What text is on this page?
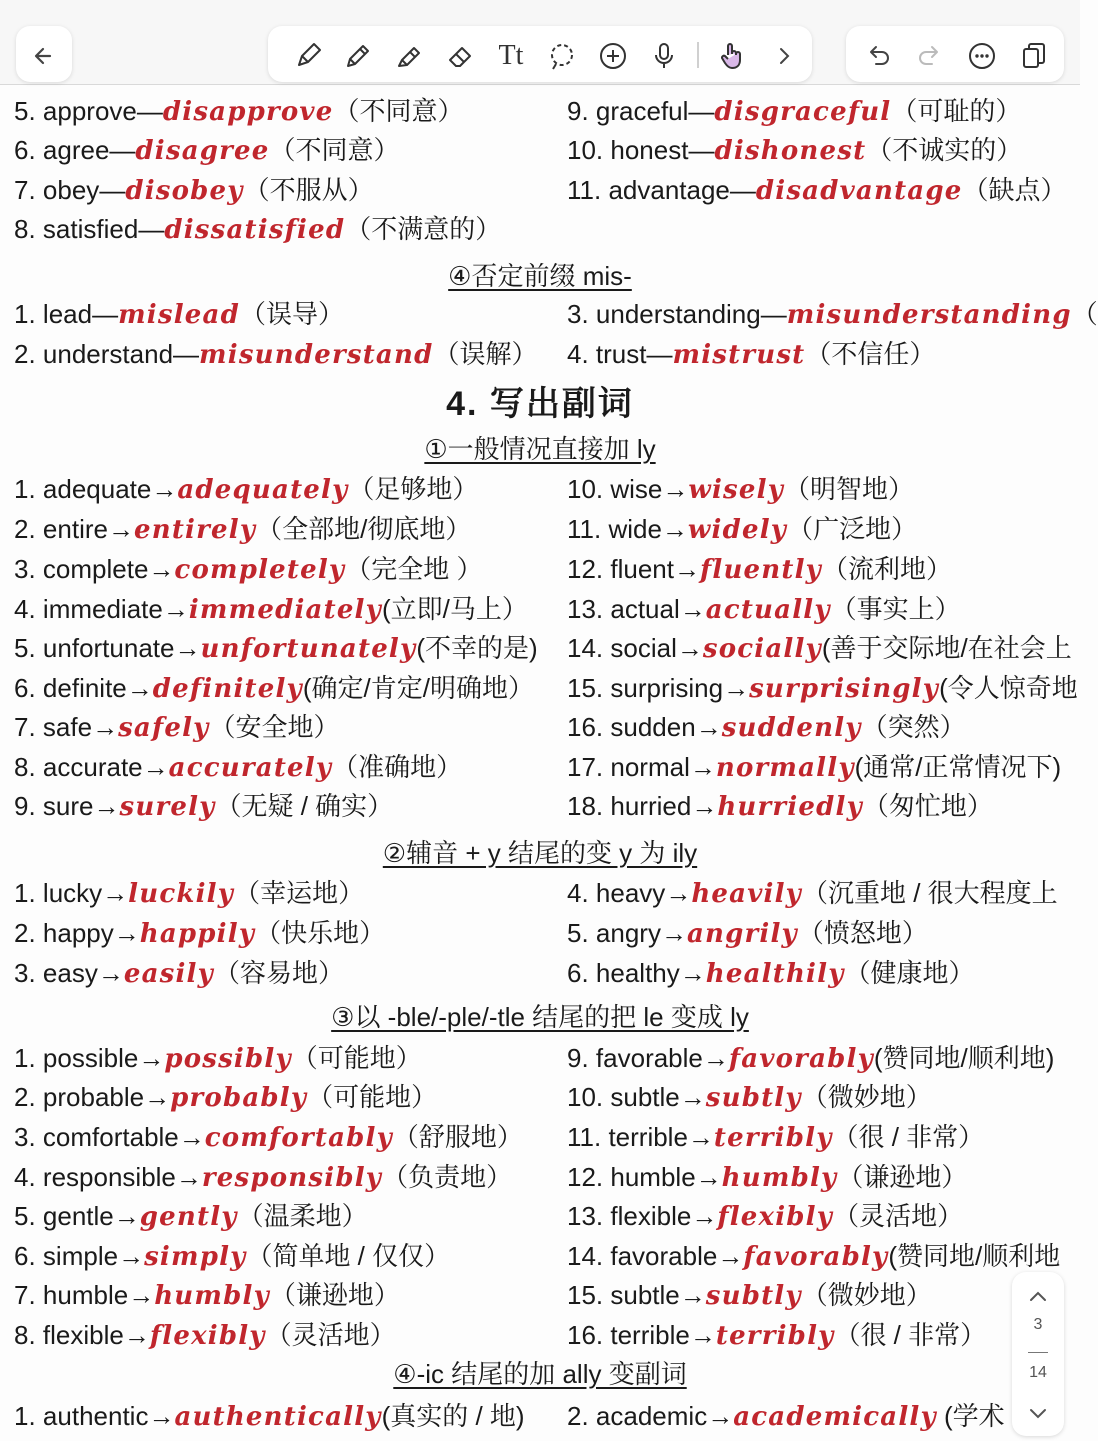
Tt
5. approve—disapprove（不同意）	9. graceful—disgraceful（可耻的）
6. agree—disagree（不同意）	10. honest—dishonest（不诚实的）
7. obey—disobey（不服从）	11. advantage—disadvantage（缺点）
8. satisfied—dissatisfied（不满意的）
④否定前缀 mis-
1. lead—mislead（误导）	3. understanding—misunderstanding（
2. understand—misunderstand（误解） 4. trust—mistrust（不信任）
4. 写出副词
①一般情况直接加 ly
1. adequate→adequately（足够地）	10. wise→wisely（明智地）
2. entire→entirely（全部地/彻底地）	11. wide→widely（广泛地）
3. complete→completely（完全地 ）	12. fluent→fluently（流利地）
4. immediate→immediately(立即/马上） 13. actual→actually（事实上）
5. unfortunate→unfortunately(不幸的是) 14. social→socially(善于交际地/在社会上
6. definite→definitely(确定/肯定/明确地） 15. surprising→surprisingly(令人惊奇地
7. safe→safely（安全地）	16. sudden→suddenly（突然）
8. accurate→accurately（准确地）	17. normal→normally(通常/正常情况下)
9. sure→surely（无疑 / 确实）	18. hurried→hurriedly（匆忙地）
②辅音 + y 结尾的变 y 为 ily
1. lucky→luckily（幸运地）	4. heavy→heavily（沉重地 / 很大程度上
2. happy→happily（快乐地）	5. angry→angrily（愤怒地）
3. easy→easily（容易地）	6. healthy→healthily（健康地）
③以 -ble/-ple/-tle 结尾的把 le 变成 ly
1. possible→possibly（可能地）	9. favorable→favorably(赞同地/顺利地)
2. probable→probably（可能地）	10. subtle→subtly（微妙地）
3. comfortable→comfortably（舒服地） 11. terrible→terribly（很 / 非常）
4. responsible→responsibly（负责地） 12. humble→humbly（谦逊地）
5. gentle→gently（温柔地）	13. flexible→flexibly（灵活地）
6. simple→simply（简单地 / 仅仅）	14. favorable→favorably(赞同地/顺利地
7. humble→humbly（谦逊地）	15. subtle→subtly（微妙地）
8. flexible→flexibly（灵活地）	16. terrible→terribly（很 / 非常）
④-ic 结尾的加 ally 变副词
1. authentic→authentically(真实的 / 地) 2. academic→academically (学术
3
14
